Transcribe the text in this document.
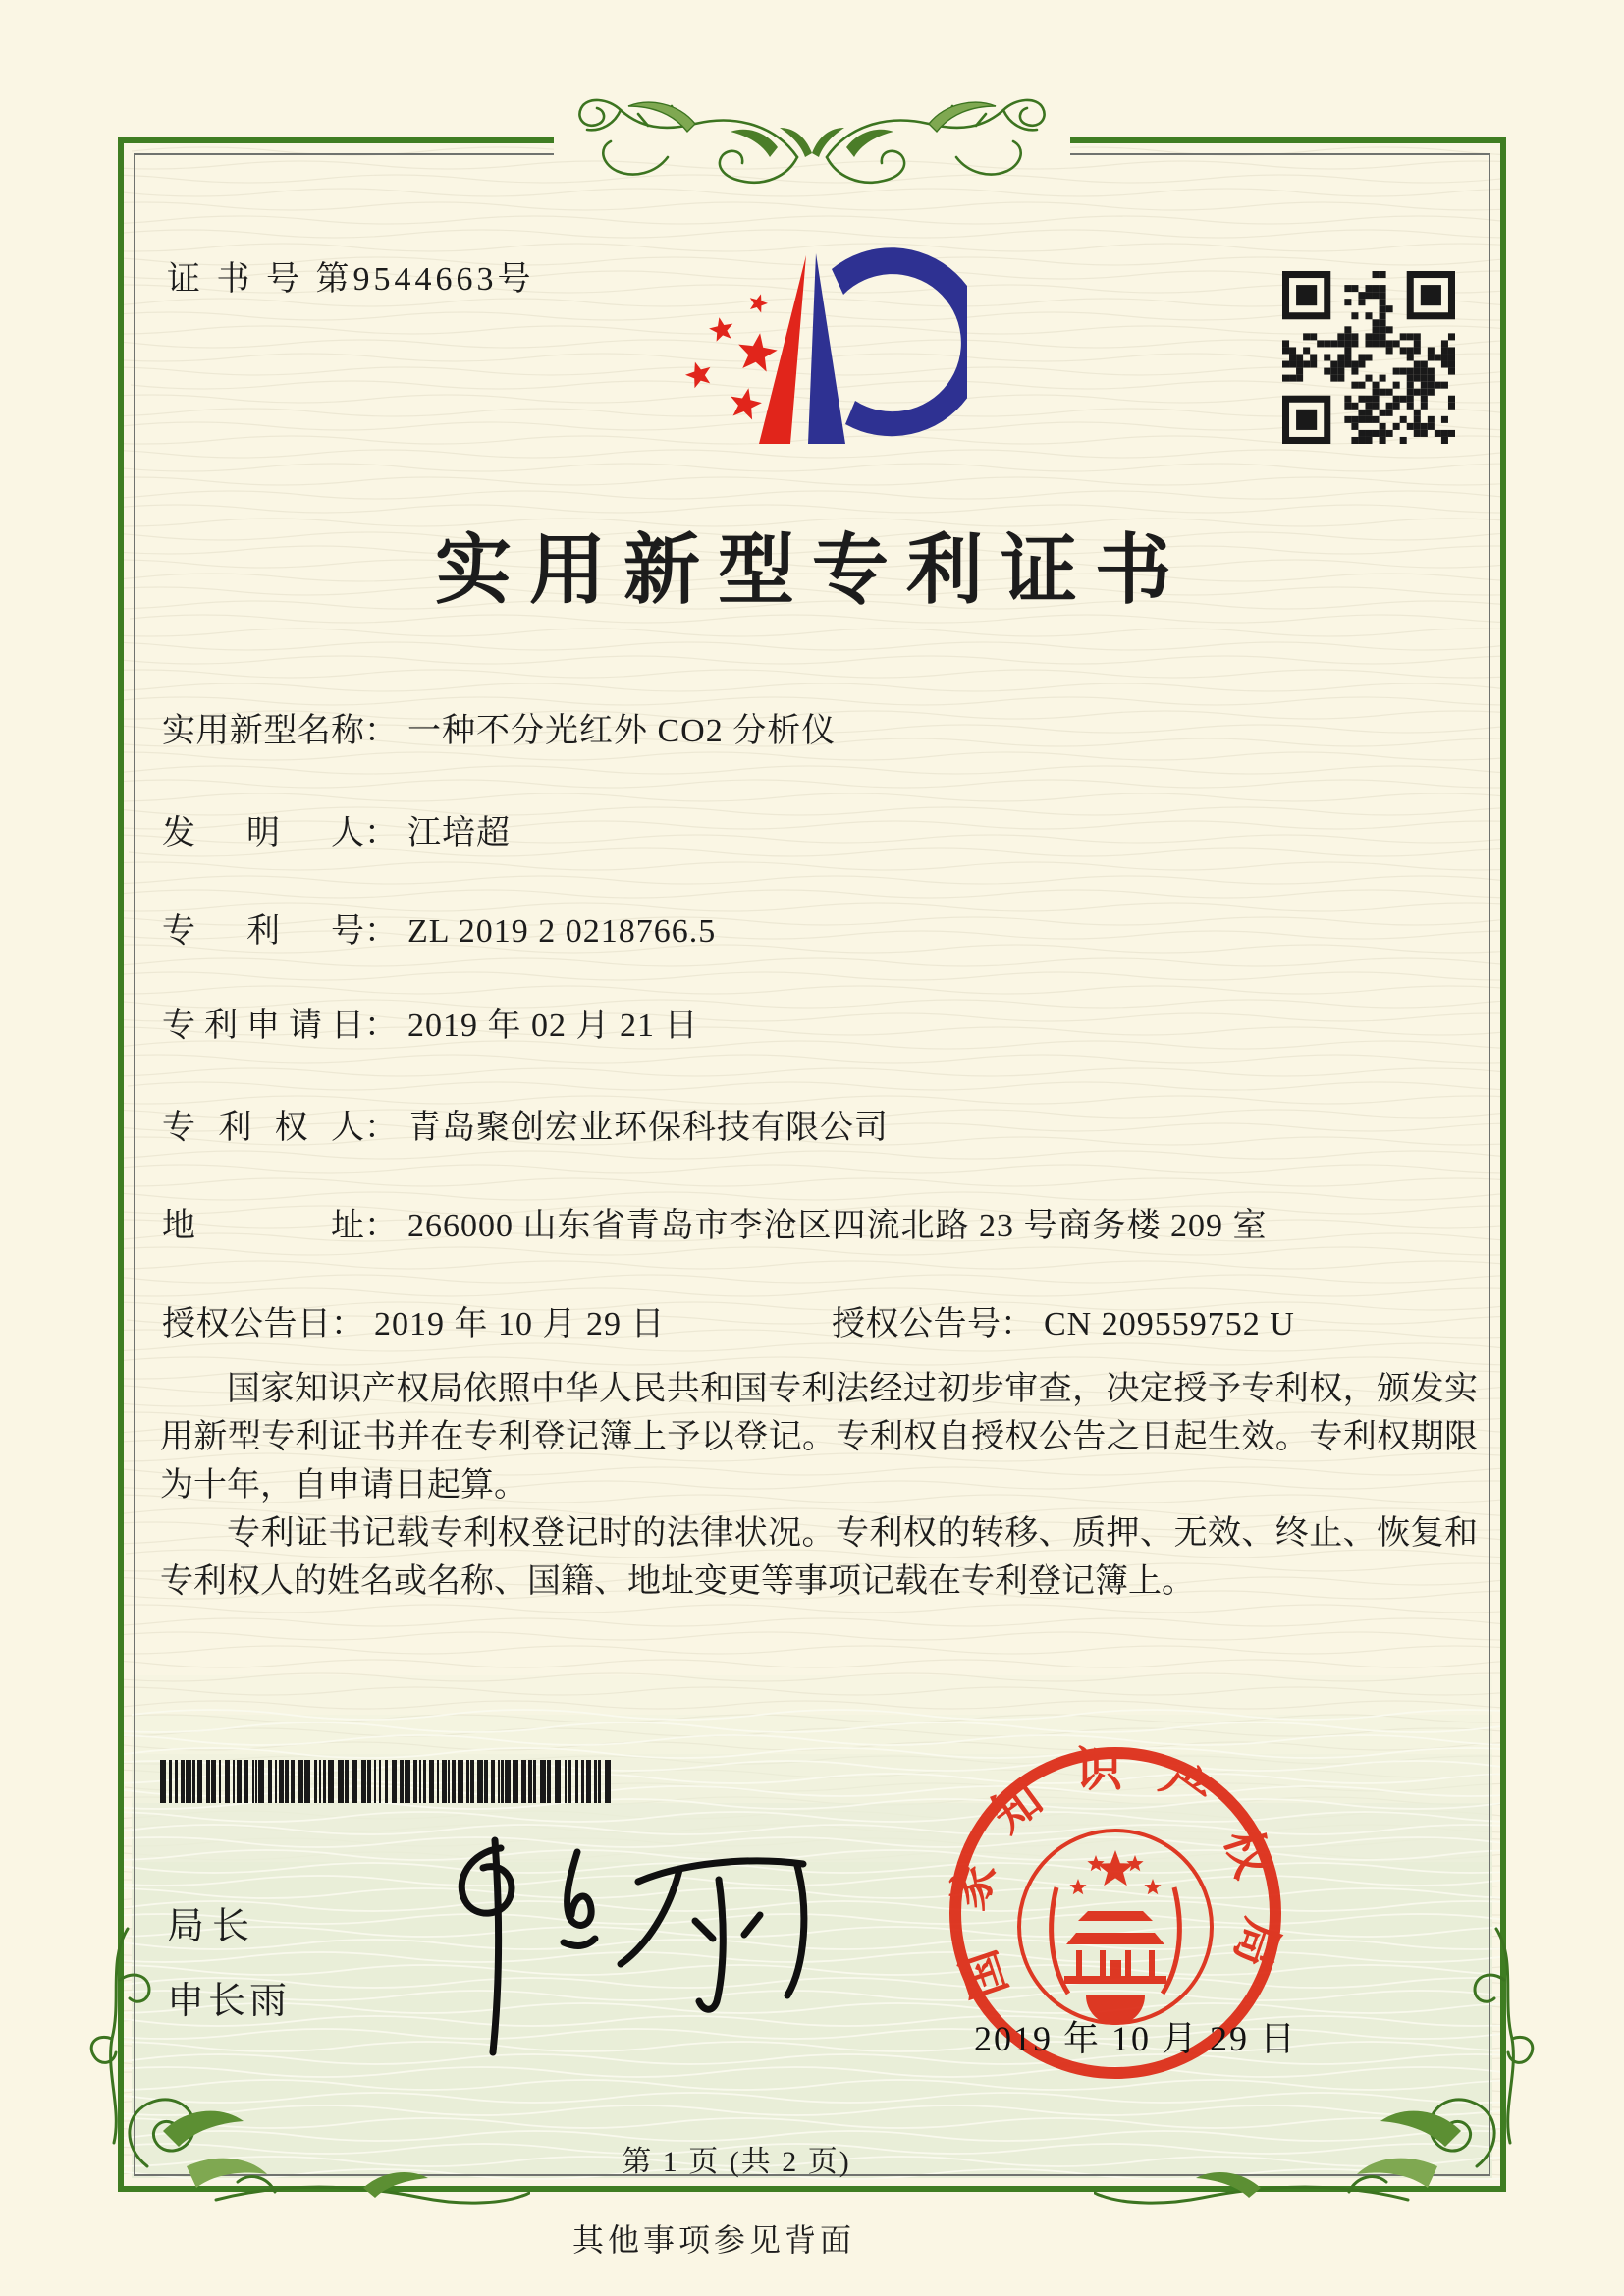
证 书 号 第9544663号
实用新型专利证书
实用新型名称： 一种不分光红外 CO2 分析仪
发明人： 江培超
专利号： ZL 2019 2 0218766.5
专利申请日： 2019 年 02 月 21 日
专利权人： 青岛聚创宏业环保科技有限公司
地址： 266000 山东省青岛市李沧区四流北路 23 号商务楼 209 室
授权公告日： 2019 年 10 月 29 日	授权公告号： CN 209559752 U

国家知识产权局依照中华人民共和国专利法经过初步审查，决定授予专利权，颁发实用新型专利证书并在专利登记簿上予以登记。专利权自授权公告之日起生效。专利权期限为十年，自申请日起算。

专利证书记载专利权登记时的法律状况。专利权的转移、质押、无效、终止、恢复和专利权人的姓名或名称、国籍、地址变更等事项记载在专利登记簿上。

局长
申长雨	国家知识产权局
2019 年 10 月 29 日
第 1 页 (共 2 页)
其他事项参见背面
